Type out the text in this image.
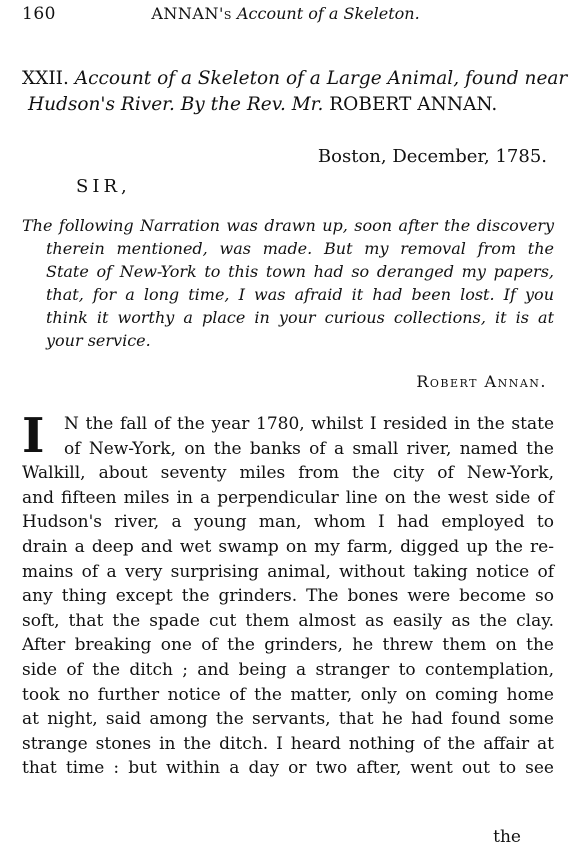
160	ANNAN's Account of a Skeleton.
XXII. Account of a Skeleton of a Large Animal, found near
Hudson's River. By the Rev. Mr. ROBERT ANNAN.
Boston, December, 1785.
SIR,
The following Narration was drawn up, soon after the discovery
therein mentioned, was made. But my removal from the
State of New-York to this town had so deranged my papers,
that, for a long time, I was afraid it had been lost. If you
think it worthy a place in your curious collections, it is at
your service.
Robert Annan.
I	N the fall of the year 1780, whilst I resided in the state
of New-York, on the banks of a small river, named the
Walkill, about seventy miles from the city of New-York,
and fifteen miles in a perpendicular line on the west side of
Hudson's river, a young man, whom I had employed to
drain a deep and wet swamp on my farm, digged up the re-
mains of a very surprising animal, without taking notice of
any thing except the grinders. The bones were become so
soft, that the spade cut them almost as easily as the clay.
After breaking one of the grinders, he threw them on the
side of the ditch ; and being a stranger to contemplation,
took no further notice of the matter, only on coming home
at night, said among the servants, that he had found some
strange stones in the ditch. I heard nothing of the affair at
that time : but within a day or two after, went out to see
the
